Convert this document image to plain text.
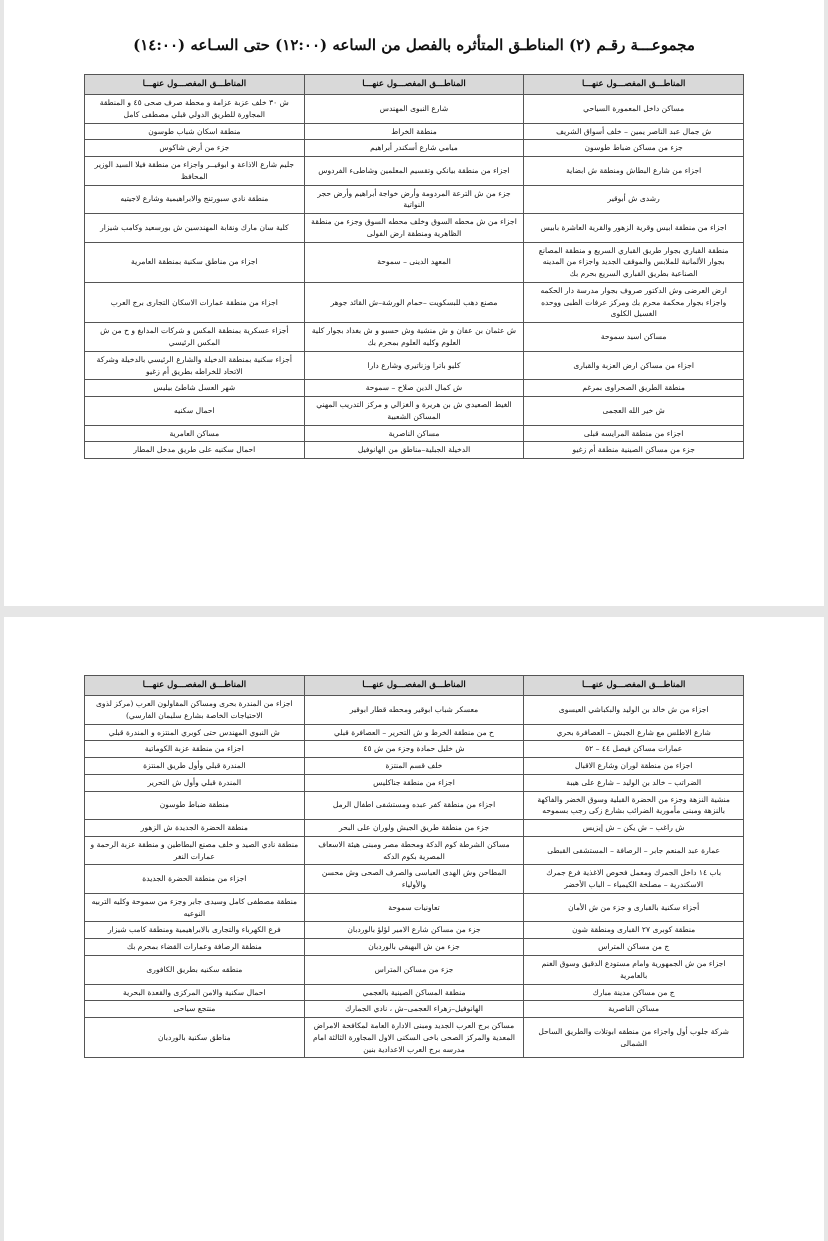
مجموعـــة رقـم (٢) المناطـق المتأثره بالفصل من الساعه (١٢:٠٠) حتى السـاعه (١٤:٠٠)
المناطـــق المفصـــول عنهـــا	المناطـــق المفصـــول عنهـــا	المناطـــق المفصـــول عنهـــا
مساكن داخل المعمورة السياحي	شارع النبوى المهندس	ش ٣٠ خلف عزبة عزامة و محطة صرف صحى ٤٥ و المنطقة المجاورة للطريق الدولي قبلي مصطفى كامل
ش جمال عبد الناصر يمين – خلف أسواق الشريف	منطقة الخراط	منطقة اسكان شباب طوسون
جزء من مساكن ضباط طوسون	ميامي شارع أسكندر أبراهيم	جزء من أرض شاكوس
اجزاء من شارع البطاش ومنطقة ش ابضاية	اجزاء من منطقة بيانكي وتقسيم المعلمين وشاطىء الفردوس	جليم شارع الاذاعة و ابوقيــر واجزاء من منطقة فيلا السيد الوزير المحافظ
رشدى ش أبوقير	جزء من ش الترعة المردومة وأرض خواجة أبراهيم وأرض حجر النواتية	منطقة نادي سبورتنج والابراهيمية وشارع لاجيتيه
اجزاء من منطقة ابيس وقرية الزهور والقرية العاشرة بابيس	اجزاء من ش محطه السوق وخلف محطه السوق وجزء من منطقة الظاهرية ومنطقة ارض الفولى	كلية سان مارك ونقابة المهندسين ش بورسعيد وكامب شيزار
منطقة القباري بجوار طريق القباري السريع و منطقة المصانع بجوار الألمانية للملابس والموقف الجديد واجزاء من المدينه الصناعية بطريق القباري السريع بحرم بك	المعهد الدينى – سموحة	اجزاء من مناطق سكنية بمنطقة العامرية
ارض العرضى وش الدكتور صروف بجوار مدرسة دار الحكمه واجزاء بجوار محكمة محرم بك ومركز عرفات الطبى ووحده الغسيل الكلوى	مصنع دهب للبسكويت –حمام الورشة–ش القائد جوهر	اجزاء من منطقة عمارات الاسكان التجارى برج العرب
مساكن اسيد سموحة	ش عثمان بن عفان و ش منشية وش حسبو و ش بغداد بجوار كلية العلوم وكليه العلوم بمحرم بك	أجزاء عسكرية بمنطقة المكس و شركات المدابغ و ح من ش المكس الرئيسي
اجزاء من مساكن ارض العزبة والقبارى	كليو باترا وزناتيري وشارع دارا	أجزاء سكنية بمنطقة الدخيلة والشارع الرئيسي بالدخيلة وشركة الاتحاد للخراطه بطريق أم زغيو
منطقة الطريق الصحراوى بمرغم	ش كمال الدين صلاح – سموحة	شهر العسل شاطئ بيليس
ش خير الله العجمى	الغيط الصعيدي ش بن هريرة و الغزالي و مركز التدريب المهني المساكن الشعبية	احمال سكنيه
اجزاء من منطقة المرايسه قبلى	مساكن الناصرية	مساكن العامرية
جزء من مساكن الصينية منطقة أم زغيو	الدخيلة الجبلية–مناطق من الهانوفيل	احمال سكنيه على طريق مدخل المطار
المناطـــق المفصـــول عنهـــا	المناطـــق المفصـــول عنهـــا	المناطـــق المفصـــول عنهـــا
اجزاء من ش خالد بن الوليد والبكباشي العيسوى	معسكر شباب ابوقير ومحطه قطار ابوقير	اجزاء من المندرة بحرى ومساكن المقاولون العرب (مركز لذوى الاحتياجات الخاصة بشارع سليمان الفارسي)
شارع الاطلس مع شارع الجيش – العصافرة بحري	ح من منطقة الخرط و ش التحرير – العصافرة قبلي	ش النبوي المهندس حتى كوبري المنتزه و المندرة قبلي
عمارات مساكن فيصل ٤٤ – ٥٢	ش خليل حمادة وجزء من ش ٤٥	اجزاء من منطقة عزبة الكوماتية
اجزاء من منطقة لوران وشارع الاقبال	خلف قسم المنتزة	المندرة قبلي وأول طريق المنتزة
الضراتب – خالد بن الوليد – شارع على هيبة	اجزاء من منطقة جناكليس	المندرة قبلي وأول ش التحرير
منشية النزهة وجزء من الحضرة القبلية وسوق الخضر والفاكهة بالنزهة ومبنى مأمورية الضرائب بشارع زكى رجب بسموحه	اجزاء من منطقة كفر عبده ومستشفى اطفال الرمل	منطقة ضباط طوسون
ش راغب – ش يكن – ش إيزيس	جزء من منطقة طريق الجيش ولوران على البحر	منطقة الحضرة الجديدة ش الزهور
عمارة عبد المنعم جابر – الرصافة – المستشفى القبطى	مساكن الشرطة كوم الدكة ومحطة مصر ومبنى هيئة الاسعاف المصرية بكوم الدكه	منطقة نادي الصيد و خلف مصنع البطاطين و منطقة عزبة الرحمة و عمارات النغر
باب ١٤ داخل الجمرك ومعمل فحوص الاغذية فرع جمرك الاسكندرية – مصلحة الكيمياء – الباب الأخضر	المطاحن وش الهدى العباسى والصرف الصحى وش محسن والأولياء	اجزاء من منطقة الحضرة الجديدة
أجزاء سكنية بالقبارى و جزء من ش الأمان	تعاونيات سموحة	منطقة مصطفى كامل وسيدى جابر وجزء من سموحة وكليه التربيه النوعيه
منطقة كوبرى ٢٧ القبارى ومنطقة شون	جزء من مساكن شارع الامير لؤلؤ بالوردبان	فرع الكهرباء والتجارى بالابراهيمية ومنطقة كامب شيزار
ج من مساكن المتراس	جزء من ش البهيقي بالوردبان	منطقة الرصافة وعمارات القضاء بمحرم بك
اجزاء من ش الجمهورية وامام مستودع الدقيق وسوق الغنم بالعامرية	جزء من مساكن المتراس	منطقه سكنيه بطريق الكافورى
ج من مساكن مدينة مبارك	منطقة المساكن الصينية بالعجمي	احمال سكنية والامن المركزى والقعدة البحرية
مساكن الناصرية	الهانوفيل–زهراء العجمى–ش ، نادي الجمارك	منتجع سياحى
شركة جلوب أول واجزاء من منطقه ابوتلات والطريق الساحل الشمالى	مساكن برج العرب الجديد ومبنى الادارة العامة لمكافحة الامراض المعدية والمركز الصحى باخى السكنى الاول المجاورة الثالثة امام مدرسه برج العرب الاعدادية بنين	مناطق سكنية بالوردبان
